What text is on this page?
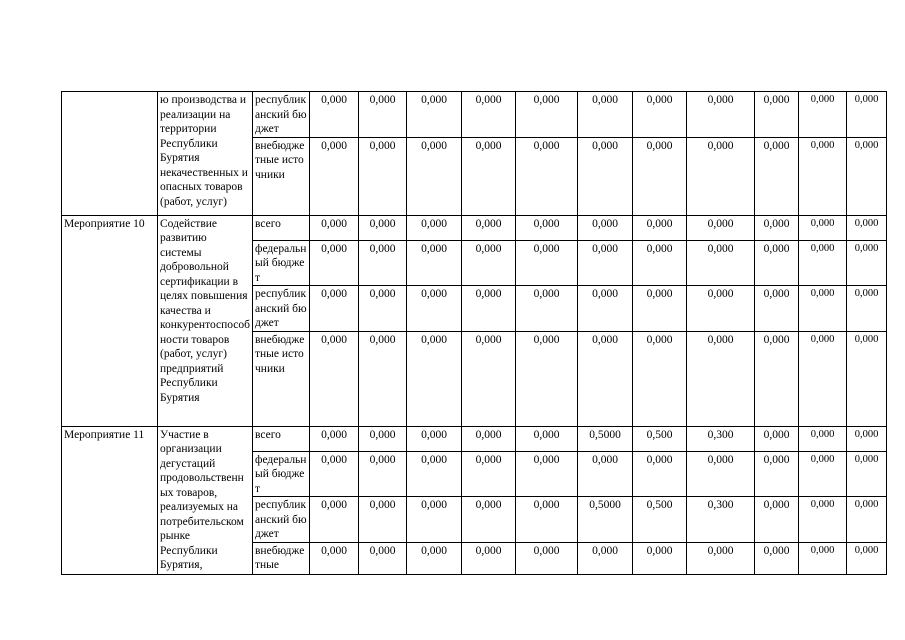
	ю производства и реализации на территории Республики Бурятия некачественных и опасных товаров (работ, услуг)	республиканский бюджет	0,000	0,000	0,000	0,000	0,000	0,000	0,000	0,000	0,000	0,000	0,000
		внебюджетные источники	0,000	0,000	0,000	0,000	0,000	0,000	0,000	0,000	0,000	0,000	0,000
Мероприятие 10	Содействие развитию системы добровольной сертификации в целях повышения качества и конкурентоспособности товаров (работ, услуг) предприятий Республики Бурятия	всего	0,000	0,000	0,000	0,000	0,000	0,000	0,000	0,000	0,000	0,000	0,000
		федеральный бюджет	0,000	0,000	0,000	0,000	0,000	0,000	0,000	0,000	0,000	0,000	0,000
		республиканский бюджет	0,000	0,000	0,000	0,000	0,000	0,000	0,000	0,000	0,000	0,000	0,000
		внебюджетные источники	0,000	0,000	0,000	0,000	0,000	0,000	0,000	0,000	0,000	0,000	0,000
Мероприятие 11	Участие в организации дегустаций продовольственных товаров, реализуемых на потребительском рынке Республики Бурятия,	всего	0,000	0,000	0,000	0,000	0,000	0,5000	0,500	0,300	0,000	0,000	0,000
		федеральный бюджет	0,000	0,000	0,000	0,000	0,000	0,000	0,000	0,000	0,000	0,000	0,000
		республиканский бюджет	0,000	0,000	0,000	0,000	0,000	0,5000	0,500	0,300	0,000	0,000	0,000
		внебюджетные	0,000	0,000	0,000	0,000	0,000	0,000	0,000	0,000	0,000	0,000	0,000
